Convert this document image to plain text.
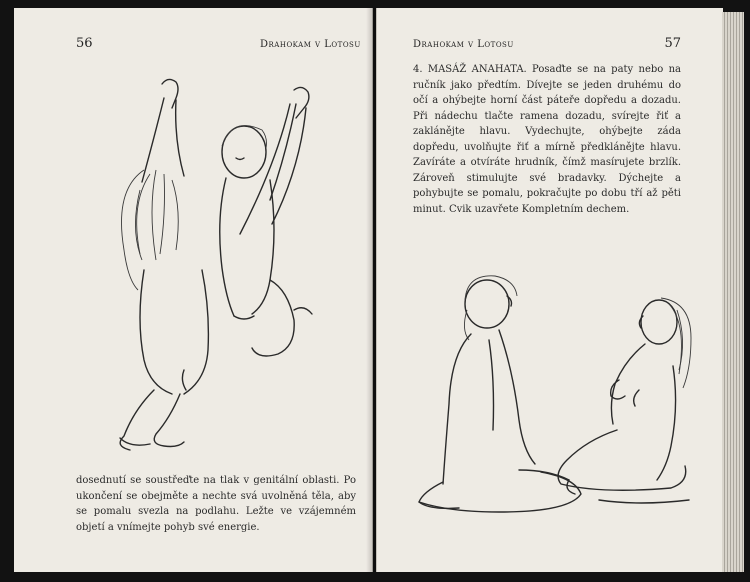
56	Drahokam v Lotosu
dosednutí se soustřeďte na tlak v genitální oblasti. Po ukončení se obejměte a nechte svá uvolněná těla, aby se pomalu svezla na podlahu. Ležte ve vzájemném objetí a vnímejte pohyb své energie.
Drahokam v Lotosu	57
4. MASÁŽ ANAHATA. Posaďte se na paty nebo na ručník jako předtím. Dívejte se jeden druhému do očí a ohýbejte horní část páteře dopředu a dozadu. Při nádechu tlačte ramena dozadu, svírejte řiť a zaklánějte hlavu. Vydechujte, ohýbejte záda dopředu, uvolňujte řiť a mírně předklánějte hlavu. Zavíráte a otvíráte hrudník, čímž masírujete brzlík. Zároveň stimulujte své bradavky. Dýchejte a pohybujte se pomalu, pokračujte po dobu tří až pěti minut. Cvik uzavřete Kompletním dechem.
